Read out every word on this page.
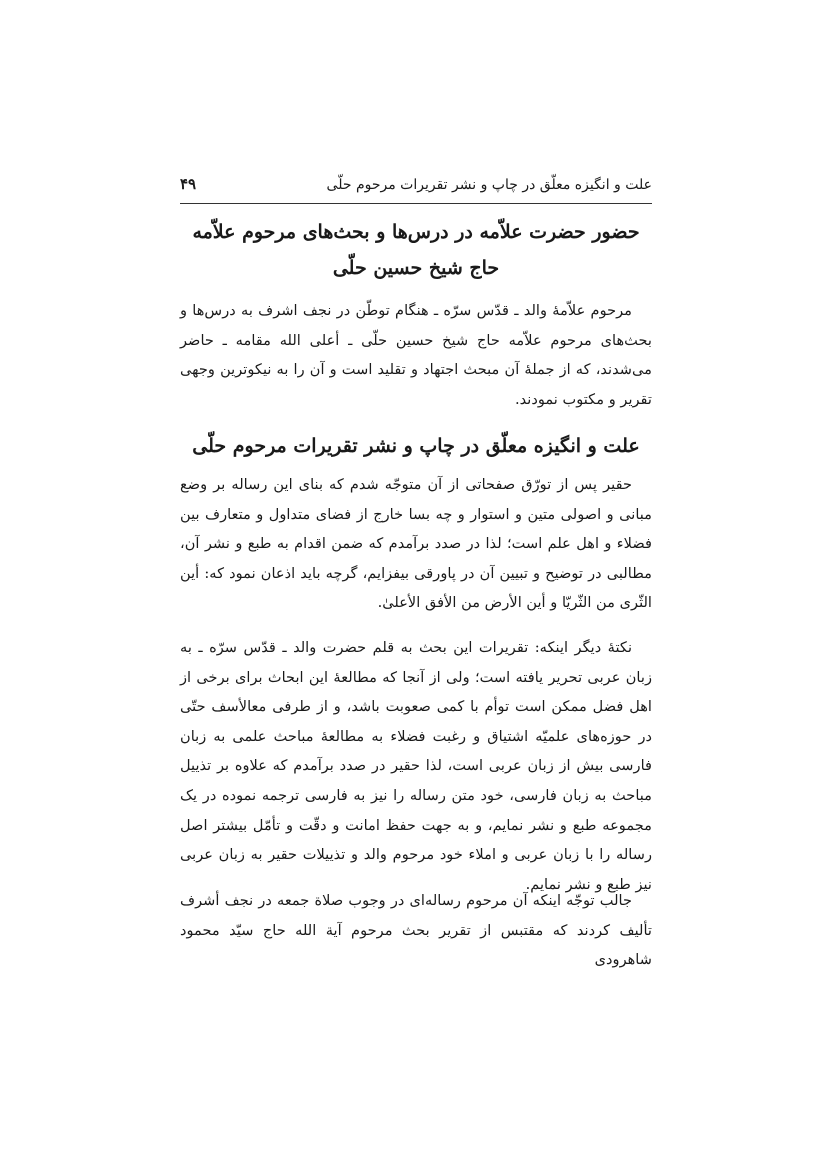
علت و انگیزه معلّق در چاپ و نشر تقریرات مرحوم حلّی
۴۹

حضور حضرت علاّمه در درس‌ها و بحث‌های مرحوم علاّمه

حاج شیخ حسین حلّی

مرحوم علاّمهٔ والد ـ قدّس سرّه ـ هنگام توطّن در نجف اشرف به درس‌ها و بحث‌های مرحوم علاّمه حاج شیخ حسین حلّی ـ أعلی الله مقامه ـ حاضر می‌شدند، که از جملهٔ آن مبحث اجتهاد و تقلید است و آن را به نیکوترین وجهی تقریر و مکتوب نمودند.

علت و انگیزه معلّق در چاپ و نشر تقریرات مرحوم حلّی

حقیر پس از تورّق صفحاتی از آن متوجّه شدم که بنای این رساله بر وضع مبانی و اصولی متین و استوار و چه بسا خارج از فضای متداول و متعارف بین فضلاء و اهل علم است؛ لذا در صدد برآمدم که ضمن اقدام به طبع و نشر آن، مطالبی در توضیح و تبیین آن در پاورقی بیفزایم، گرچه باید اذعان نمود که: أین الثّری من الثّریّا و أین الأرض من الأفق الأعلیٰ.

نکتهٔ دیگر اینکه: تقریرات این بحث به قلم حضرت والد ـ قدّس سرّه ـ به زبان عربی تحریر یافته است؛ ولی از آنجا که مطالعهٔ این ابحاث برای برخی از اهل فضل ممکن است توأم با کمی صعوبت باشد، و از طرفی معالأسف حتّی در حوزه‌های علمیّه اشتیاق و رغبت فضلاء به مطالعهٔ مباحث علمی به زبان فارسی بیش از زبان عربی است، لذا حقیر در صدد برآمدم که علاوه بر تذییل مباحث به زبان فارسی، خود متن رساله را نیز به فارسی ترجمه نموده در یک مجموعه طبع و نشر نمایم، و به جهت حفظ امانت و دقّت و تأمّل بیشتر اصل رساله را با زبان عربی و املاء خود مرحوم والد و تذییلات حقیر به زبان عربی نیز طبع و نشر نمایم.

جالب توجّه اینکه آن مرحوم رساله‌ای در وجوب صلاة جمعه در نجف أشرف تألیف کردند که مقتبس از تقریر بحث مرحوم آیة الله حاج سیّد محمود شاهرودی
